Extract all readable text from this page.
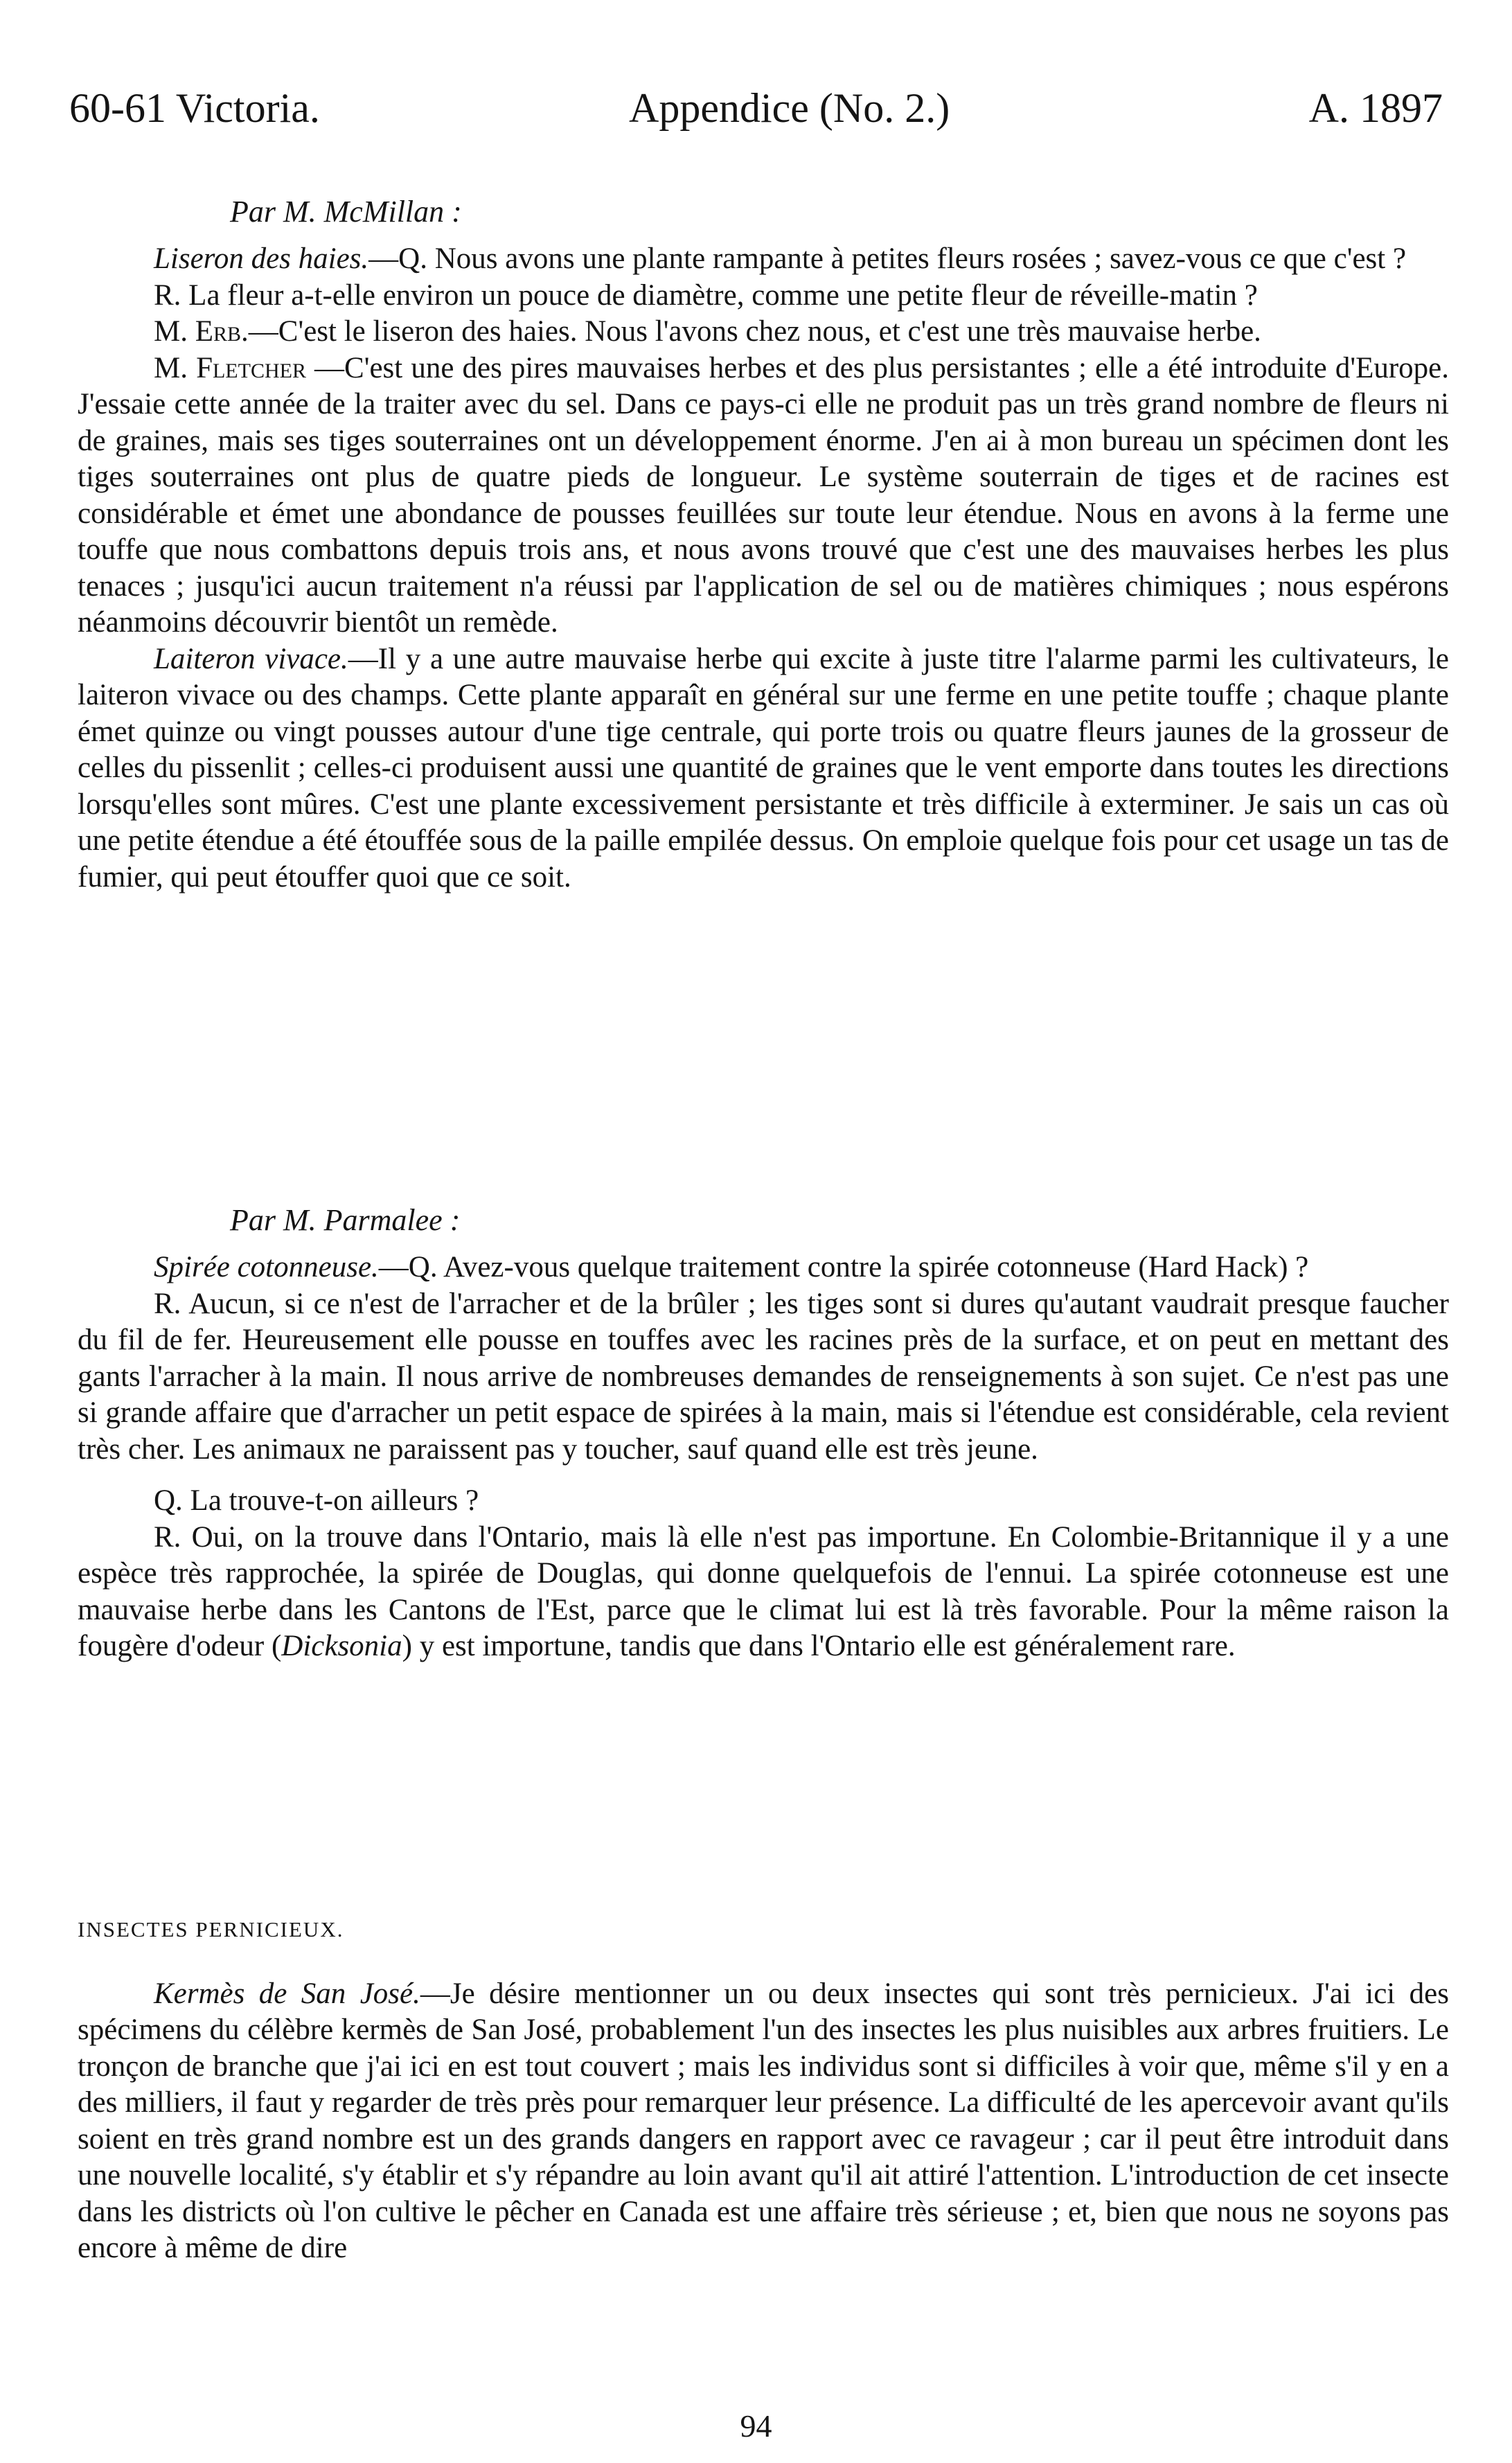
60-61 Victoria.	Appendice (No. 2.)	A. 1897

Par M. McMillan :

Liseron des haies.—Q. Nous avons une plante rampante à petites fleurs rosées ; savez-vous ce que c'est ?

R. La fleur a-t-elle environ un pouce de diamètre, comme une petite fleur de réveille-matin ?

M. Erb.—C'est le liseron des haies. Nous l'avons chez nous, et c'est une très mauvaise herbe.

M. Fletcher —C'est une des pires mauvaises herbes et des plus persistantes ; elle a été introduite d'Europe. J'essaie cette année de la traiter avec du sel. Dans ce pays-ci elle ne produit pas un très grand nombre de fleurs ni de graines, mais ses tiges souterraines ont un développement énorme. J'en ai à mon bureau un spécimen dont les tiges souterraines ont plus de quatre pieds de longueur. Le système souterrain de tiges et de racines est considérable et émet une abondance de pousses feuillées sur toute leur étendue. Nous en avons à la ferme une touffe que nous combattons depuis trois ans, et nous avons trouvé que c'est une des mauvaises herbes les plus tenaces ; jusqu'ici aucun traitement n'a réussi par l'application de sel ou de matières chimiques ; nous espérons néanmoins découvrir bientôt un remède.

Laiteron vivace.—Il y a une autre mauvaise herbe qui excite à juste titre l'alarme parmi les cultivateurs, le laiteron vivace ou des champs. Cette plante apparaît en général sur une ferme en une petite touffe ; chaque plante émet quinze ou vingt pousses autour d'une tige centrale, qui porte trois ou quatre fleurs jaunes de la grosseur de celles du pissenlit ; celles-ci produisent aussi une quantité de graines que le vent emporte dans toutes les directions lorsqu'elles sont mûres. C'est une plante excessivement persistante et très difficile à exterminer. Je sais un cas où une petite étendue a été étouffée sous de la paille empilée dessus. On emploie quelque fois pour cet usage un tas de fumier, qui peut étouffer quoi que ce soit.

Par M. Parmalee :

Spirée cotonneuse.—Q. Avez-vous quelque traitement contre la spirée cotonneuse (Hard Hack) ?

R. Aucun, si ce n'est de l'arracher et de la brûler ; les tiges sont si dures qu'autant vaudrait presque faucher du fil de fer. Heureusement elle pousse en touffes avec les racines près de la surface, et on peut en mettant des gants l'arracher à la main. Il nous arrive de nombreuses demandes de renseignements à son sujet. Ce n'est pas une si grande affaire que d'arracher un petit espace de spirées à la main, mais si l'étendue est considérable, cela revient très cher. Les animaux ne paraissent pas y toucher, sauf quand elle est très jeune.

Q. La trouve-t-on ailleurs ?

R. Oui, on la trouve dans l'Ontario, mais là elle n'est pas importune. En Colombie-Britannique il y a une espèce très rapprochée, la spirée de Douglas, qui donne quelquefois de l'ennui. La spirée cotonneuse est une mauvaise herbe dans les Cantons de l'Est, parce que le climat lui est là très favorable. Pour la même raison la fougère d'odeur (Dicksonia) y est importune, tandis que dans l'Ontario elle est généralement rare.

INSECTES PERNICIEUX.

Kermès de San José.—Je désire mentionner un ou deux insectes qui sont très pernicieux. J'ai ici des spécimens du célèbre kermès de San José, probablement l'un des insectes les plus nuisibles aux arbres fruitiers. Le tronçon de branche que j'ai ici en est tout couvert ; mais les individus sont si difficiles à voir que, même s'il y en a des milliers, il faut y regarder de très près pour remarquer leur présence. La difficulté de les apercevoir avant qu'ils soient en très grand nombre est un des grands dangers en rapport avec ce ravageur ; car il peut être introduit dans une nouvelle localité, s'y établir et s'y répandre au loin avant qu'il ait attiré l'attention. L'introduction de cet insecte dans les districts où l'on cultive le pêcher en Canada est une affaire très sérieuse ; et, bien que nous ne soyons pas encore à même de dire

94
